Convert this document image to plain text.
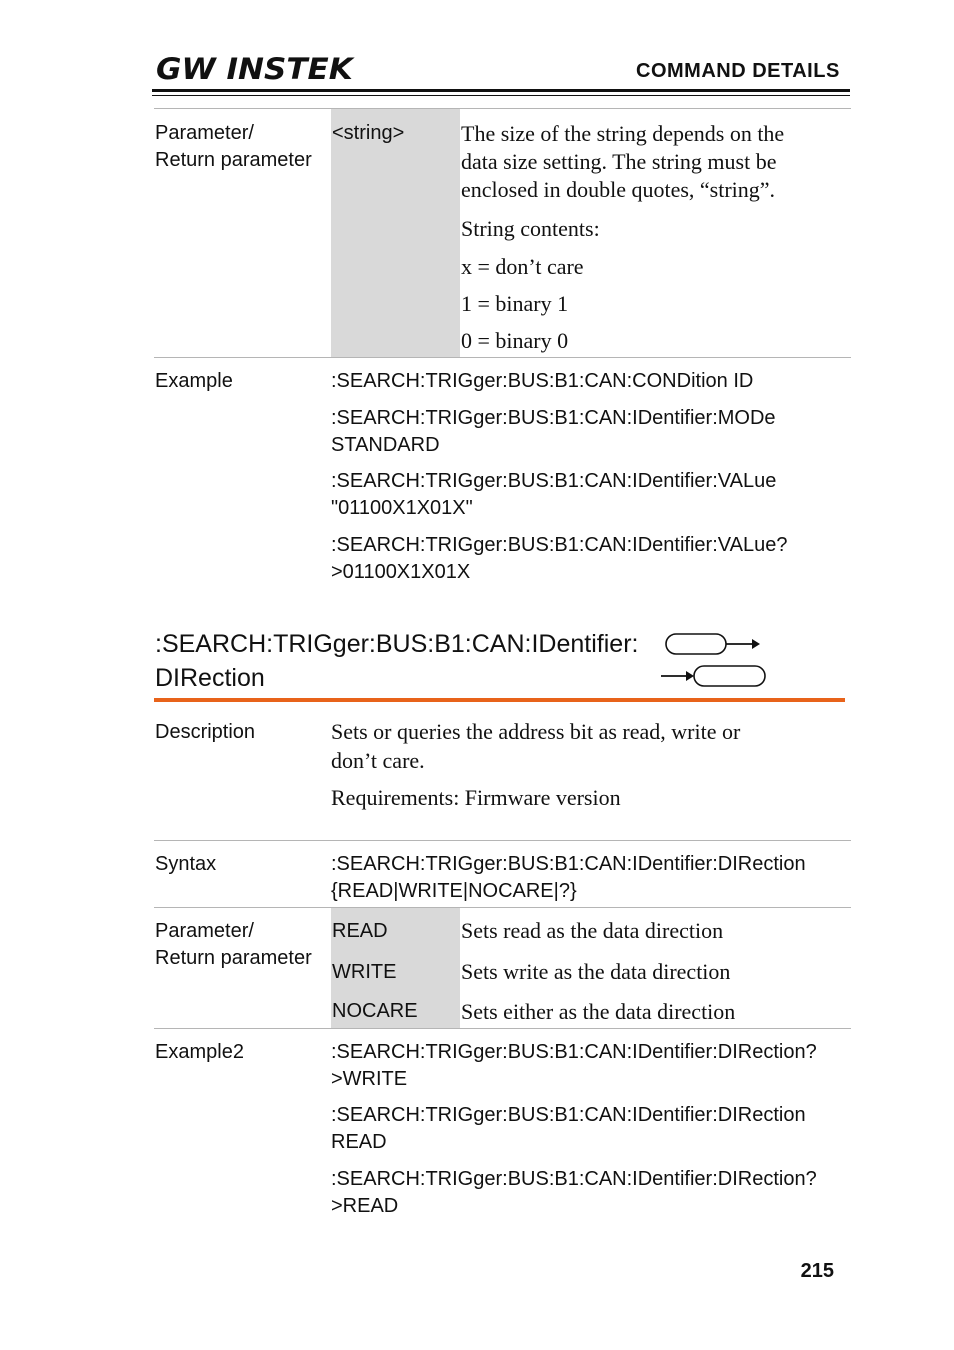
GW INSTEK	COMMAND DETAILS
Parameter/
Return parameter
<string>	The size of the string depends on the
data size setting. The string must be
enclosed in double quotes, “string”.
String contents:
x = don’t care
1 = binary 1
0 = binary 0
Example	:SEARCH:TRIGger:BUS:B1:CAN:CONDition ID
:SEARCH:TRIGger:BUS:B1:CAN:IDentifier:MODe
STANDARD
:SEARCH:TRIGger:BUS:B1:CAN:IDentifier:VALue
"01100X1X01X"
:SEARCH:TRIGger:BUS:B1:CAN:IDentifier:VALue?
>01100X1X01X
:SEARCH:TRIGger:BUS:B1:CAN:IDentifier:
DIRection
Description	Sets or queries the address bit as read, write or
don’t care.
Requirements: Firmware version
Syntax	:SEARCH:TRIGger:BUS:B1:CAN:IDentifier:DIRection
{READ|WRITE|NOCARE|?}
Parameter/
Return parameter
READ	Sets read as the data direction
WRITE	Sets write as the data direction
NOCARE Sets either as the data direction
Example2	:SEARCH:TRIGger:BUS:B1:CAN:IDentifier:DIRection?
>WRITE
:SEARCH:TRIGger:BUS:B1:CAN:IDentifier:DIRection
READ
:SEARCH:TRIGger:BUS:B1:CAN:IDentifier:DIRection?
>READ
215
